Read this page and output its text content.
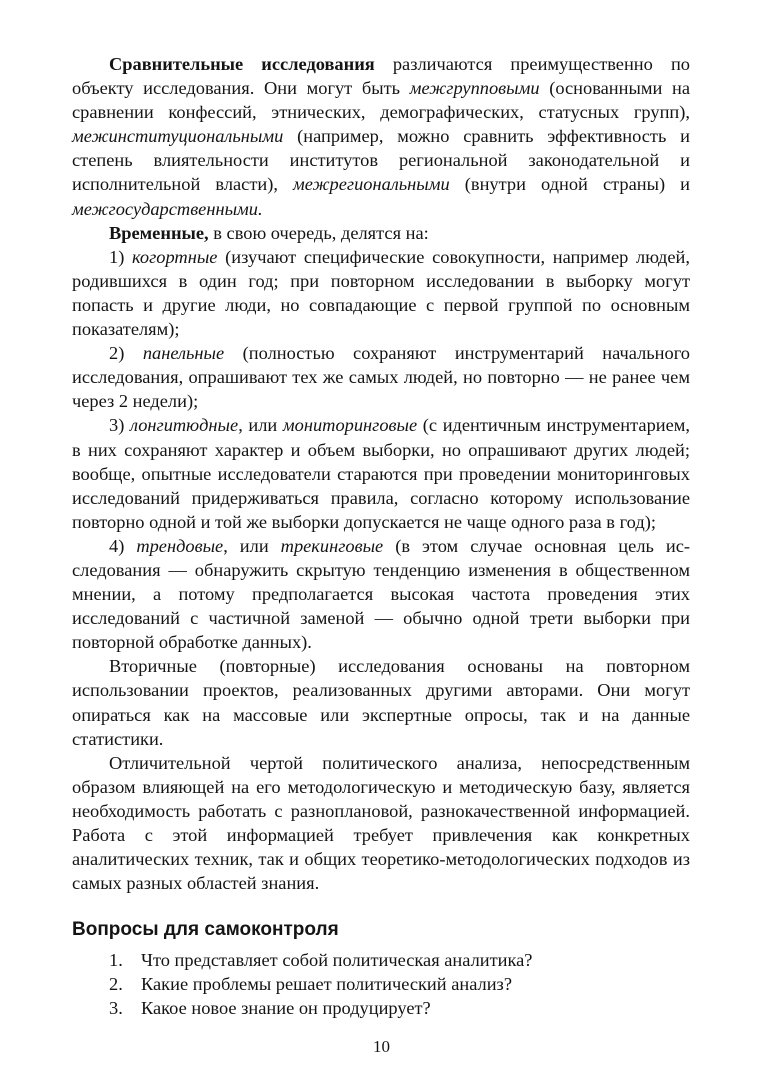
Сравнительные исследования различаются преимущественно по объекту исследования. Они могут быть межгрупповыми (основанными на сравнении конфессий, этнических, демографических, статусных групп), межинституциональными (например, можно сравнить эффективность и степень влиятельности институтов региональной законодательной и исполнительной власти), межрегиональными (внутри одной страны) и межгосударственными.

Временные, в свою очередь, делятся на:

1) когортные (изучают специфические совокупности, например людей, родившихся в один год; при повторном исследовании в выборку могут попасть и другие люди, но совпадающие с первой группой по основным показателям);

2) панельные (полностью сохраняют инструментарий начального исследования, опрашивают тех же самых людей, но повторно — не ранее чем через 2 недели);

3) лонгитюдные, или мониторинговые (с идентичным инструментарием, в них сохраняют характер и объем выборки, но опрашивают других людей; вообще, опытные исследователи стараются при проведении мониторинговых исследований придерживаться правила, согласно которому использование повторно одной и той же выборки допускается не чаще одного раза в год);

4) трендовые, или трекинговые (в этом случае основная цель исследования — обнаружить скрытую тенденцию изменения в общественном мнении, а потому предполагается высокая частота проведения этих исследований с частичной заменой — обычно одной трети выборки при повторной обработке данных).

Вторичные (повторные) исследования основаны на повторном использовании проектов, реализованных другими авторами. Они могут опираться как на массовые или экспертные опросы, так и на данные статистики.

Отличительной чертой политического анализа, непосредственным образом влияющей на его методологическую и методическую базу, является необходимость работать с разноплановой, разнокачественной информацией. Работа с этой информацией требует привлечения как конкретных аналитических техник, так и общих теоретико-методологических подходов из самых разных областей знания.

Вопросы для самоконтроля
1. Что представляет собой политическая аналитика?
2. Какие проблемы решает политический анализ?
3. Какое новое знание он продуцирует?
10
